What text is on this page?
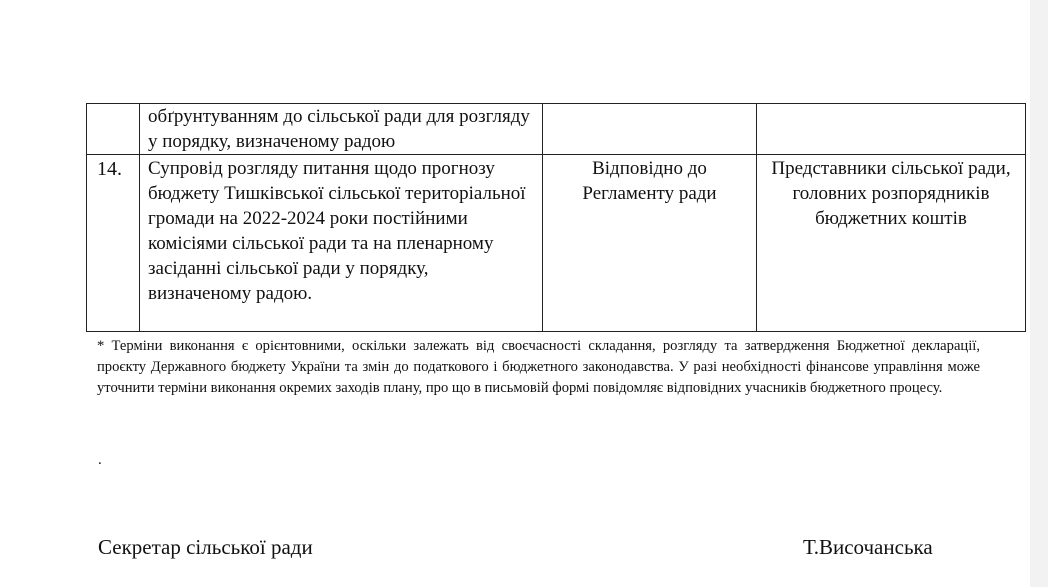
	обґрунтуванням до сільської ради для розгляду у порядку, визначеному радою		

14.	Супровід розгляду питання щодо прогнозу бюджету Тишківської сільської територіальної громади на 2022-2024 роки постійними комісіями сільської ради та на пленарному засіданні сільської ради у порядку, визначеному радою.	Відповідно до Регламенту ради	Представники сільської ради, головних розпорядників бюджетних коштів
* Терміни виконання є орієнтовними, оскільки залежать від своєчасності складання, розгляду та затвердження Бюджетної декларації, проєкту Державного бюджету України та змін до податкового і бюджетного законодавства. У разі необхідності фінансове управління може уточнити терміни виконання окремих заходів плану, про що в письмовій формі повідомляє відповідних учасників бюджетного процесу.
.
Секретар сільської ради	Т.Височанська
